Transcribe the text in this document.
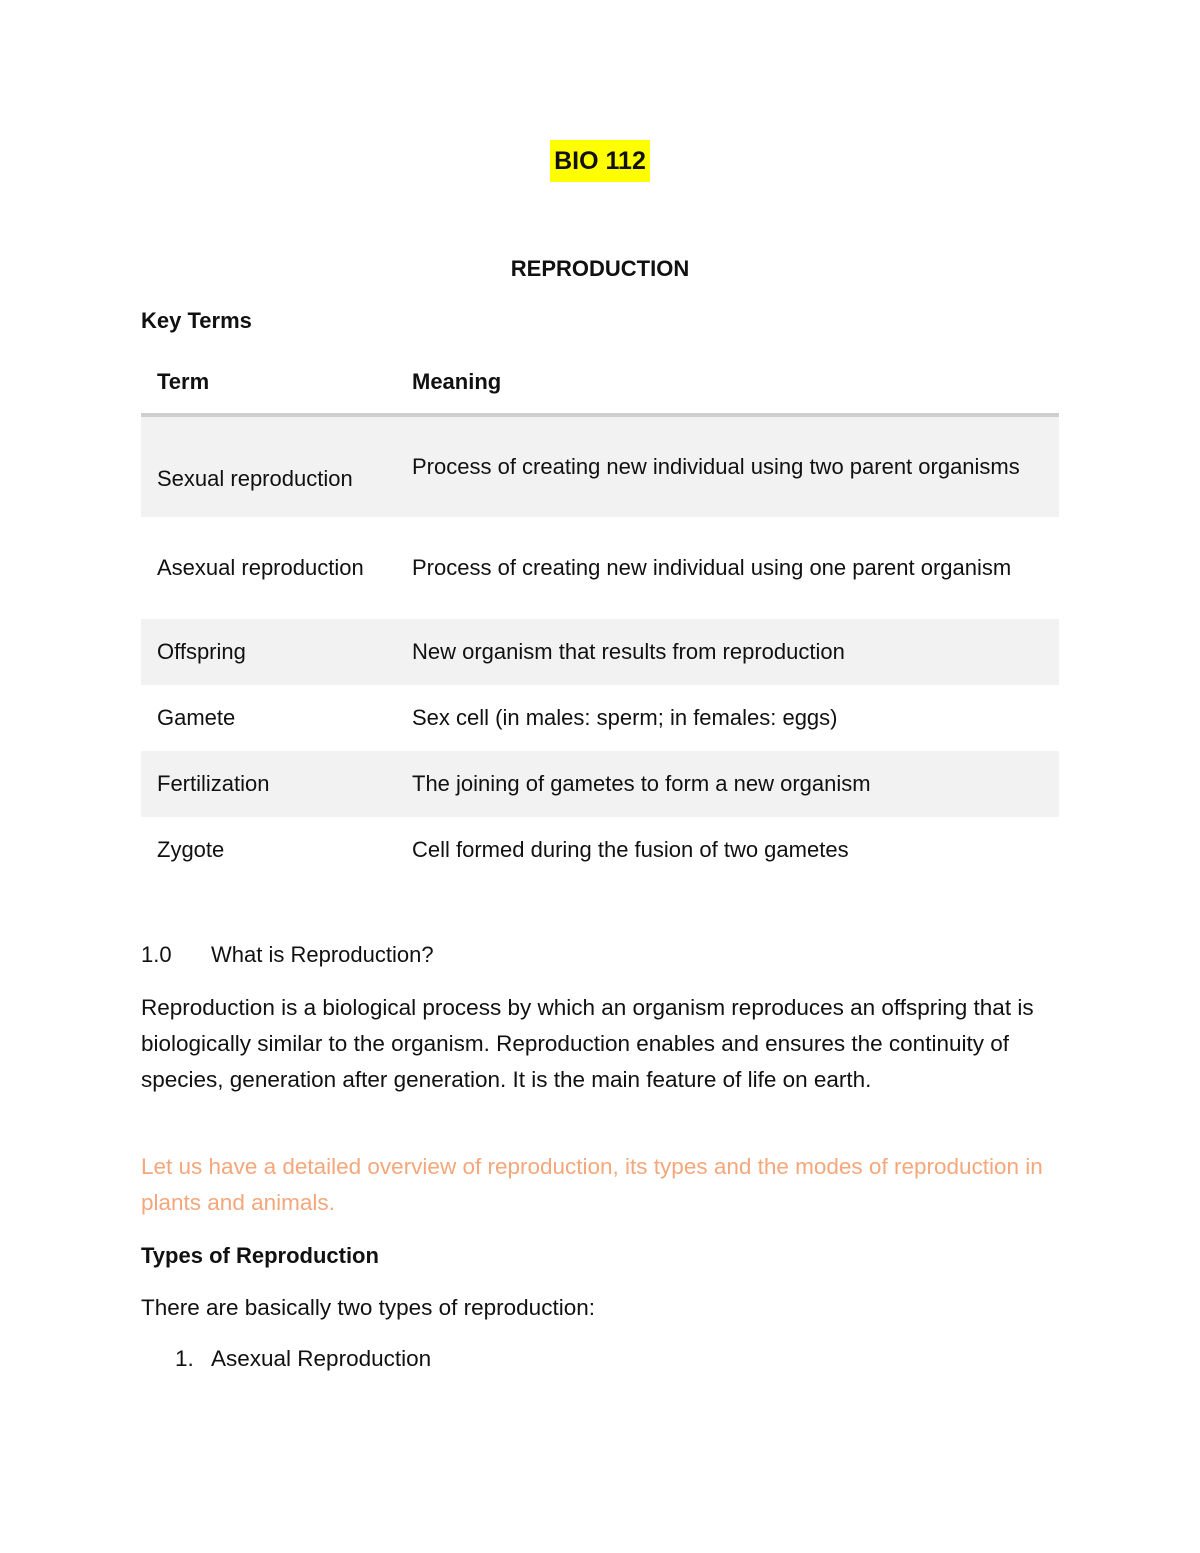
BIO 112
REPRODUCTION
Key Terms
Term	Meaning
Sexual reproduction	Process of creating new individual using two parent organisms
Asexual reproduction	Process of creating new individual using one parent organism
Offspring	New organism that results from reproduction
Gamete	Sex cell (in males: sperm; in females: eggs)
Fertilization	The joining of gametes to form a new organism
Zygote	Cell formed during the fusion of two gametes
1.0 What is Reproduction?
Reproduction is a biological process by which an organism reproduces an offspring that is biologically similar to the organism. Reproduction enables and ensures the continuity of species, generation after generation. It is the main feature of life on earth.
Let us have a detailed overview of reproduction, its types and the modes of reproduction in plants and animals.
Types of Reproduction
There are basically two types of reproduction:
1. Asexual Reproduction
